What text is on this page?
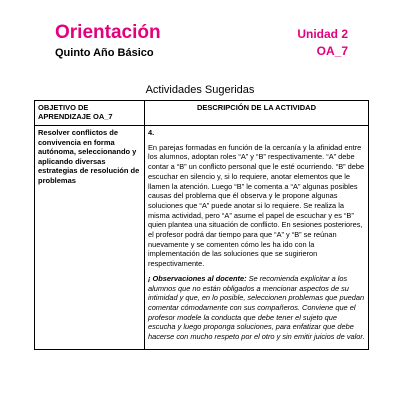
Orientación
Quinto Año Básico
Unidad 2
OA_7
Actividades Sugeridas
OBJETIVO DE APRENDIZAJE OA_7	DESCRIPCIÓN DE LA ACTIVIDAD
Resolver conflictos de convivencia en forma autónoma, seleccionando y aplicando diversas estrategias de resolución de problemas	4.

En parejas formadas en función de la cercanía y la afinidad entre los alumnos, adoptan roles “A” y “B” respectivamente. “A” debe contar a “B” un conflicto personal que le esté ocurriendo. “B” debe escuchar en silencio y, si lo requiere, anotar elementos que le llamen la atención. Luego “B” le comenta a “A” algunas posibles causas del problema que él observa y le propone algunas soluciones que “A” puede anotar si lo requiere. Se realiza la misma actividad, pero “A” asume el papel de escuchar y es “B” quien plantea una situación de conflicto. En sesiones posteriores, el profesor podrá dar tiempo para que “A” y “B” se reúnan nuevamente y se comenten cómo les ha ido con la implementación de las soluciones que se sugirieron respectivamente.

¡ Observaciones al docente: Se recomienda explicitar a los alumnos que no están obligados a mencionar aspectos de su intimidad y que, en lo posible, seleccionen problemas que puedan comentar cómodamente con sus compañeros. Conviene que el profesor modele la conducta que debe tener el sujeto que escucha y luego proponga soluciones, para enfatizar que debe hacerse con mucho respeto por el otro y sin emitir juicios de valor.
